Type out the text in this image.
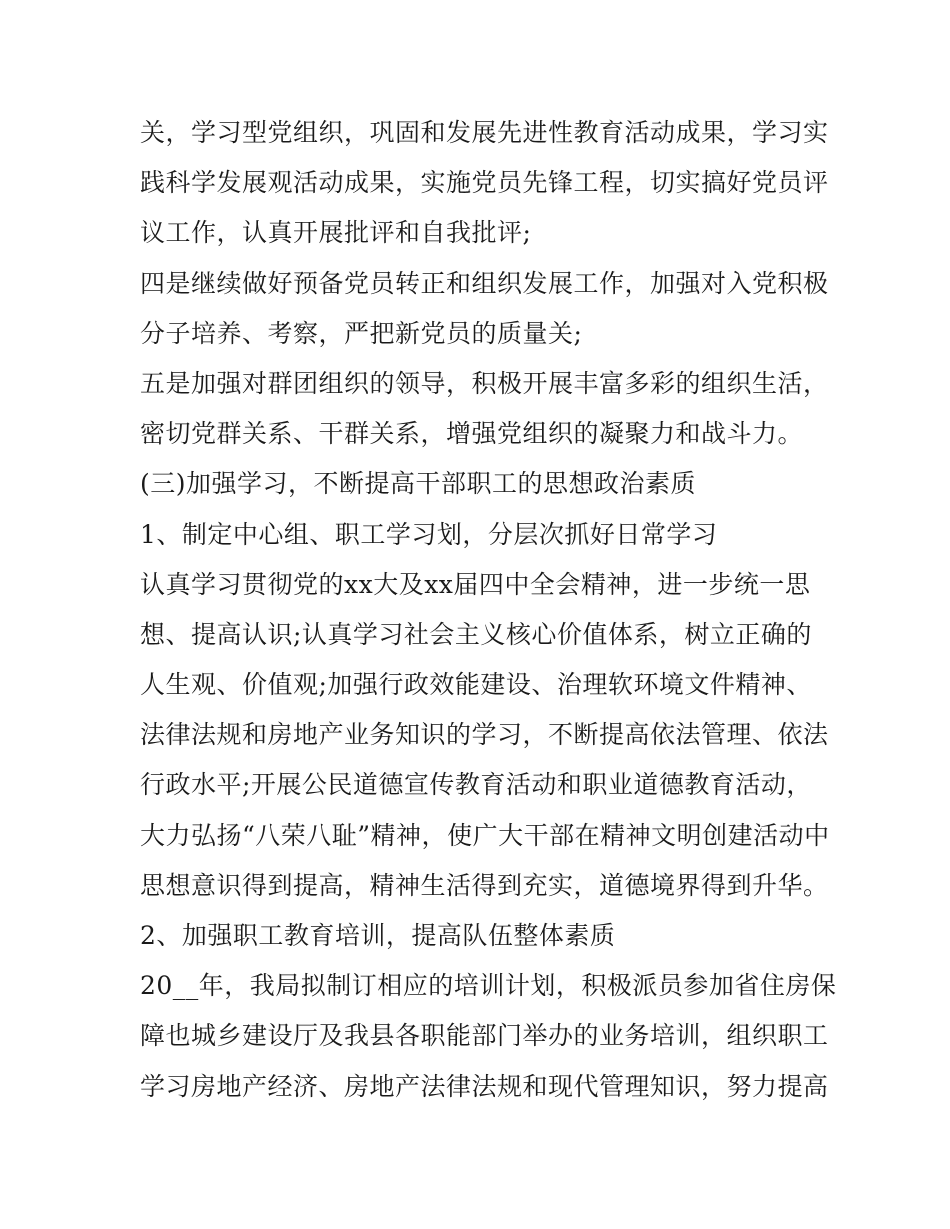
关，学习型党组织，巩固和发展先进性教育活动成果，学习实
践科学发展观活动成果，实施党员先锋工程，切实搞好党员评
议工作，认真开展批评和自我批评;
四是继续做好预备党员转正和组织发展工作，加强对入党积极
分子培养、考察，严把新党员的质量关;
五是加强对群团组织的领导，积极开展丰富多彩的组织生活，
密切党群关系、干群关系，增强党组织的凝聚力和战斗力。
(三)加强学习，不断提高干部职工的思想政治素质
1、制定中心组、职工学习划，分层次抓好日常学习
认真学习贯彻党的xx大及xx届四中全会精神，进一步统一思
想、提高认识;认真学习社会主义核心价值体系，树立正确的
人生观、价值观;加强行政效能建设、治理软环境文件精神、
法律法规和房地产业务知识的学习，不断提高依法管理、依法
行政水平;开展公民道德宣传教育活动和职业道德教育活动，
大力弘扬“八荣八耻”精神，使广大干部在精神文明创建活动中
思想意识得到提高，精神生活得到充实，道德境界得到升华。
2、加强职工教育培训，提高队伍整体素质
20__年，我局拟制订相应的培训计划，积极派员参加省住房保
障也城乡建设厅及我县各职能部门举办的业务培训，组织职工
学习房地产经济、房地产法律法规和现代管理知识，努力提高
